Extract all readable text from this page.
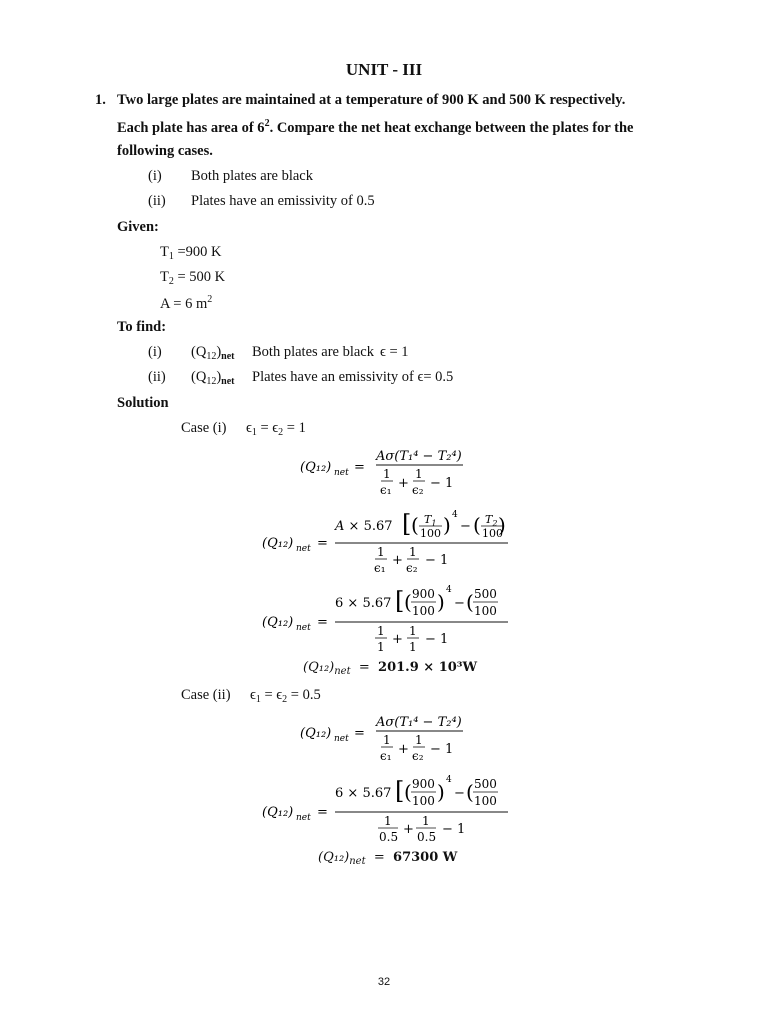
UNIT - III
1. Two large plates are maintained at a temperature of 900 K and 500 K respectively.
Each plate has area of $6^2$. Compare the net heat exchange between the plates for the
following cases.
(i) Both plates are black
(ii) Plates have an emissivity of 0.5
Given:
$T_1 =900$ K
$T_2 = 500$ K
A = 6 $m^2$
To find:
(i) $(Q_{12})_{net}$ Both plates are black ϵ = 1
(ii) $(Q_{12})_{net}$ Plates have an emissivity of ϵ= 0.5
Solution
Case (i) $\epsilon_1 = \epsilon_2 = 1$
(Q₁₂) net =
Aσ(T₁⁴ − T₂⁴)
1
ϵ₁ +
1
ϵ₂ − 1
(Q₁₂) net =
A × 5.67 [ ( $T_1$
100 ) 4
− ( $T_2$
100
)
1
ϵ₁ +
1
ϵ₂ − 1
(Q₁₂) net =
6 × 5.67 [ ( 900
100 ) 4
− ( 500
100
1
1 +
1
1 − 1
$(Q_{12})_{net} = 201.9 \times 10^3W$
Case (ii) $\epsilon_1 = \epsilon_2 = 0.5$
(Q₁₂) net =
Aσ(T₁⁴ − T₂⁴)
1
ϵ₁ +
1
ϵ₂ − 1
(Q₁₂) net =
6 × 5.67 [ ( 900
100 ) 4
− ( 500
100
1
0.5 +
1
0.5 − 1
$(Q_{12})_{net} = 67300$ W
32
